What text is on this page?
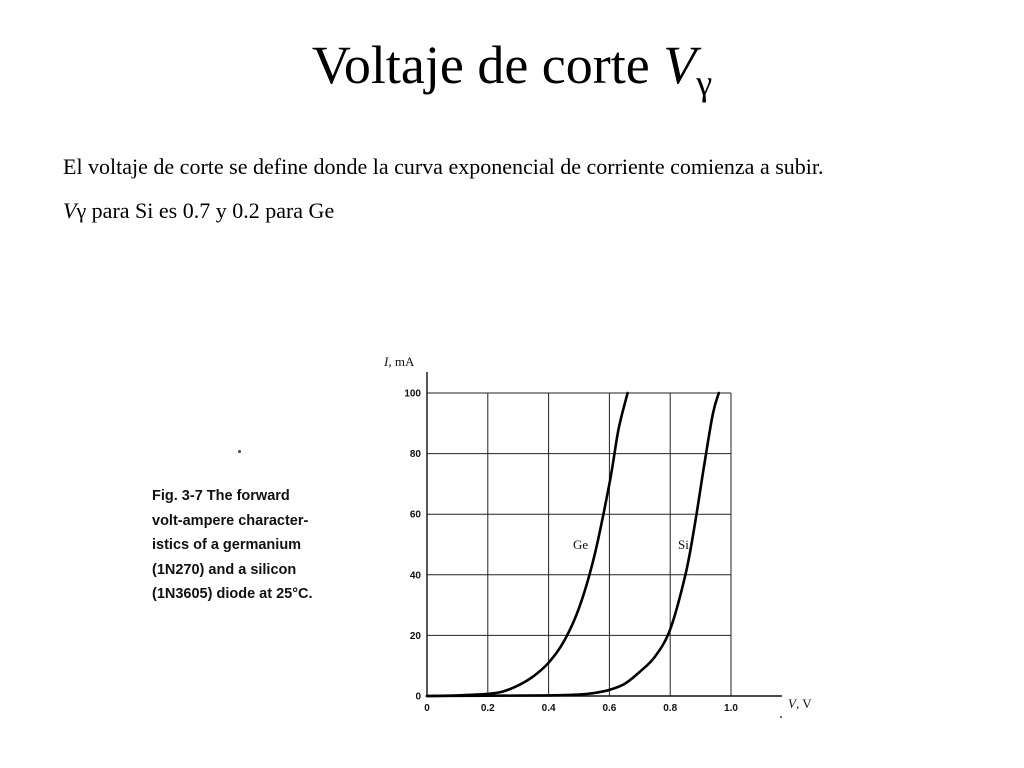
Voltaje de corte $V_\gamma$

El voltaje de corte se define donde la curva exponencial de corriente comienza a subir.

Vγ para Si es 0.7 y 0.2 para Ge

Fig. 3-7 The forward
volt-ampere character-
istics of a germanium
(1N270) and a silicon
(1N3605) diode at 25°C.
0	0.2	0.4	0.6	0.8	1.0
0
20
40
60
80
100
I, mA
V, V
Ge	Si
